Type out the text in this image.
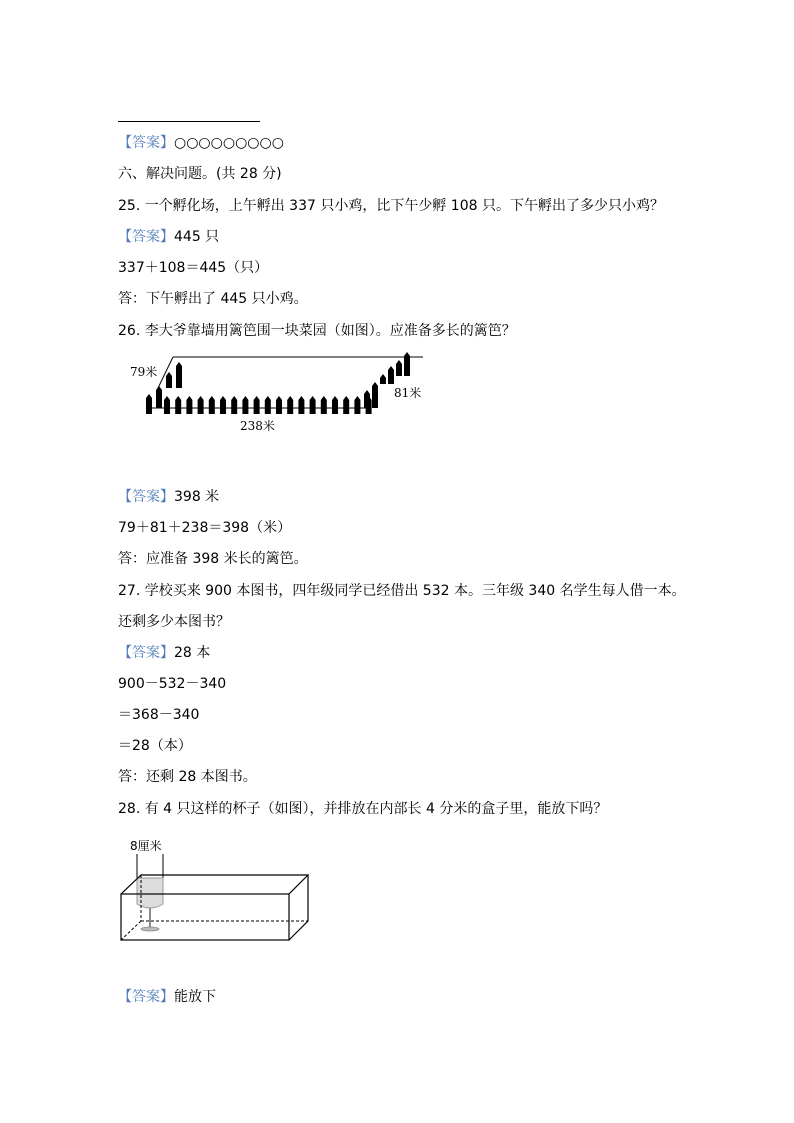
【答案】○○○○○○○○○
六、解决问题。(共 28 分)
25. 一个孵化场，上午孵出 337 只小鸡，比下午少孵 108 只。下午孵出了多少只小鸡？
【答案】445 只
337＋108＝445（只）
答：下午孵出了 445 只小鸡。
26. 李大爷靠墙用篱笆围一块菜园（如图）。应准备多长的篱笆？
79米
81米
238米
【答案】398 米
79＋81＋238＝398（米）
答：应准备 398 米长的篱笆。
27. 学校买来 900 本图书，四年级同学已经借出 532 本。三年级 340 名学生每人借一本。
还剩多少本图书？
【答案】28 本
900－532－340
＝368－340
＝28（本）
答：还剩 28 本图书。
28. 有 4 只这样的杯子（如图），并排放在内部长 4 分米的盒子里，能放下吗？
8厘米
【答案】能放下
